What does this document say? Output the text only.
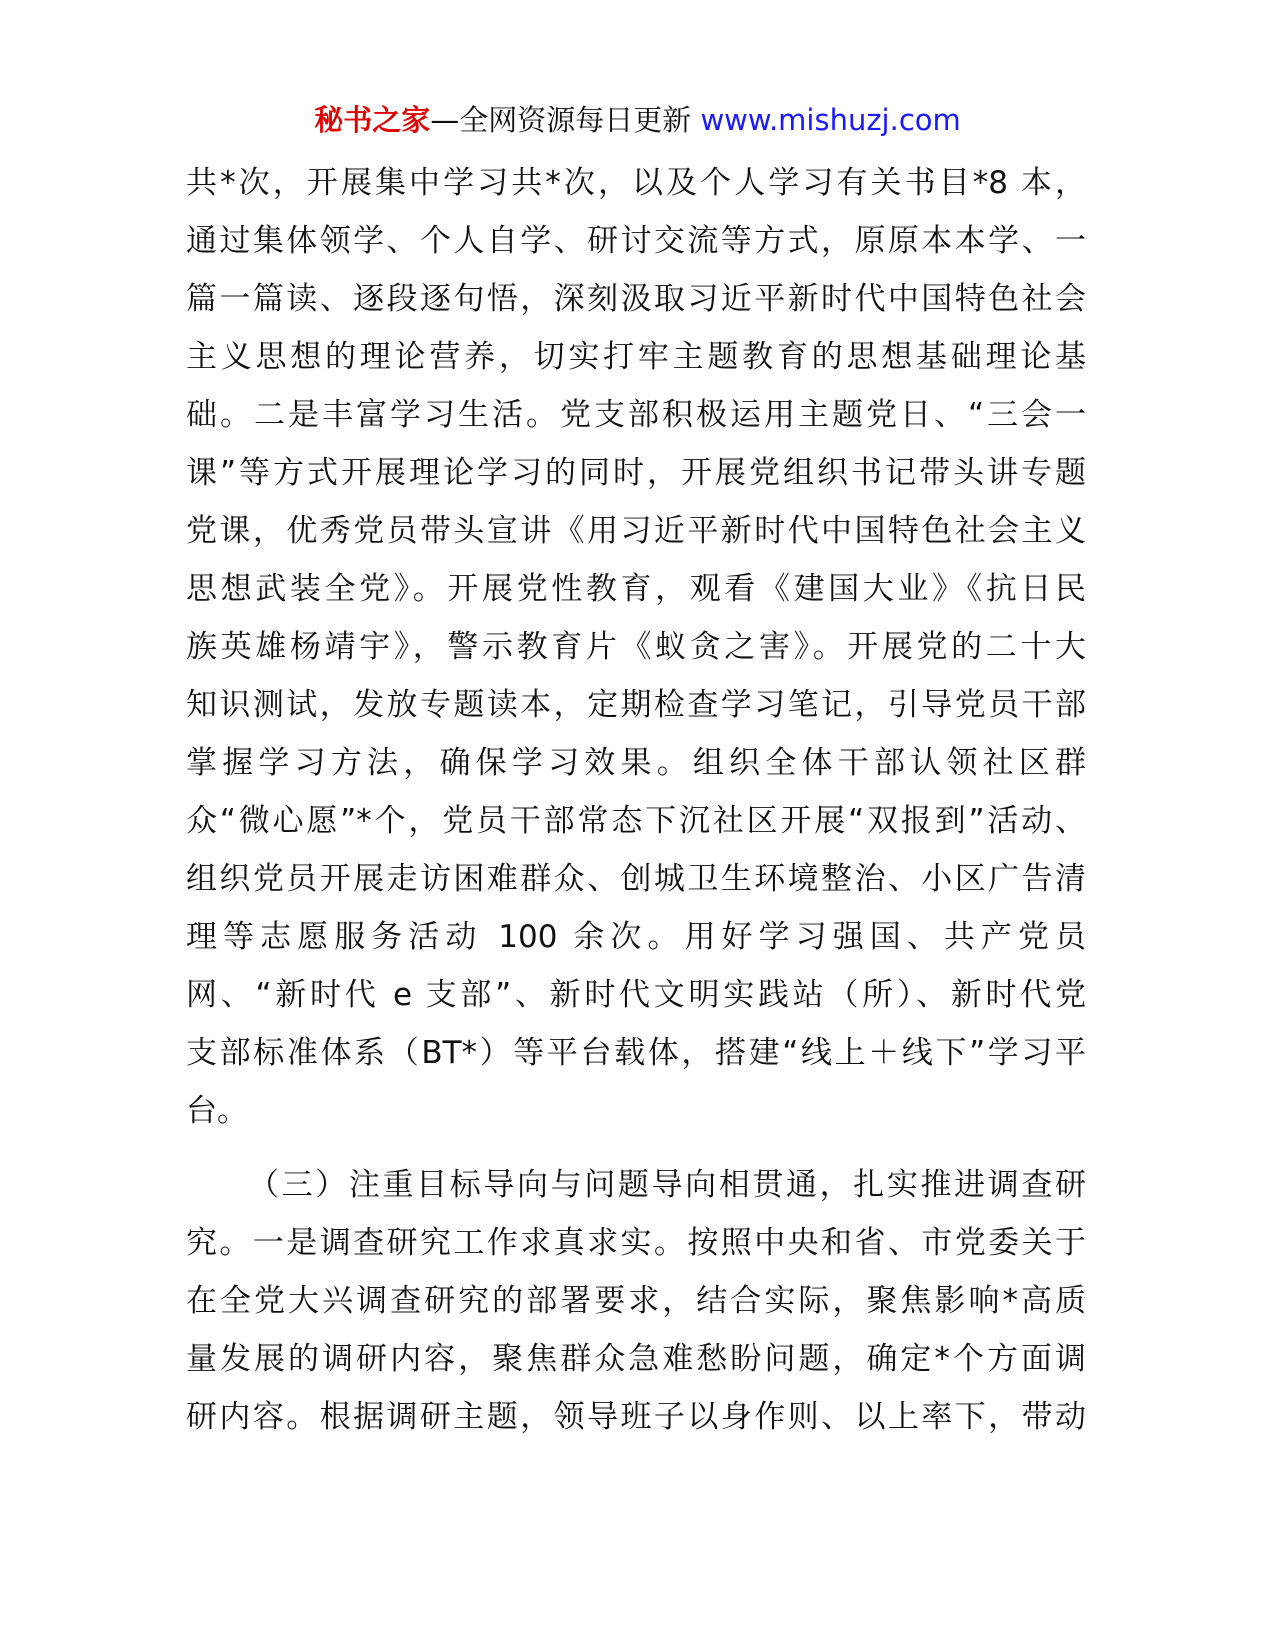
秘书之家—全网资源每日更新 www.mishuzj.com
共*次，开展集中学习共*次，以及个人学习有关书目*8 本，
通过集体领学、个人自学、研讨交流等方式，原原本本学、一
篇一篇读、逐段逐句悟，深刻汲取习近平新时代中国特色社会
主义思想的理论营养，切实打牢主题教育的思想基础理论基
础。二是丰富学习生活。党支部积极运用主题党日、“三会一
课”等方式开展理论学习的同时，开展党组织书记带头讲专题
党课，优秀党员带头宣讲《用习近平新时代中国特色社会主义
思想武装全党》。开展党性教育，观看《建国大业》《抗日民
族英雄杨靖宇》，警示教育片《蚁贪之害》。开展党的二十大
知识测试，发放专题读本，定期检查学习笔记，引导党员干部
掌握学习方法，确保学习效果。组织全体干部认领社区群
众“微心愿”*个，党员干部常态下沉社区开展“双报到”活动、
组织党员开展走访困难群众、创城卫生环境整治、小区广告清
理等志愿服务活动 100 余次。用好学习强国、共产党员
网、“新时代 e 支部”、新时代文明实践站（所）、新时代党
支部标准体系（BT*）等平台载体，搭建“线上＋线下”学习平
台。
（三）注重目标导向与问题导向相贯通，扎实推进调查研
究。一是调查研究工作求真求实。按照中央和省、市党委关于
在全党大兴调查研究的部署要求，结合实际，聚焦影响*高质
量发展的调研内容，聚焦群众急难愁盼问题，确定*个方面调
研内容。根据调研主题，领导班子以身作则、以上率下，带动
